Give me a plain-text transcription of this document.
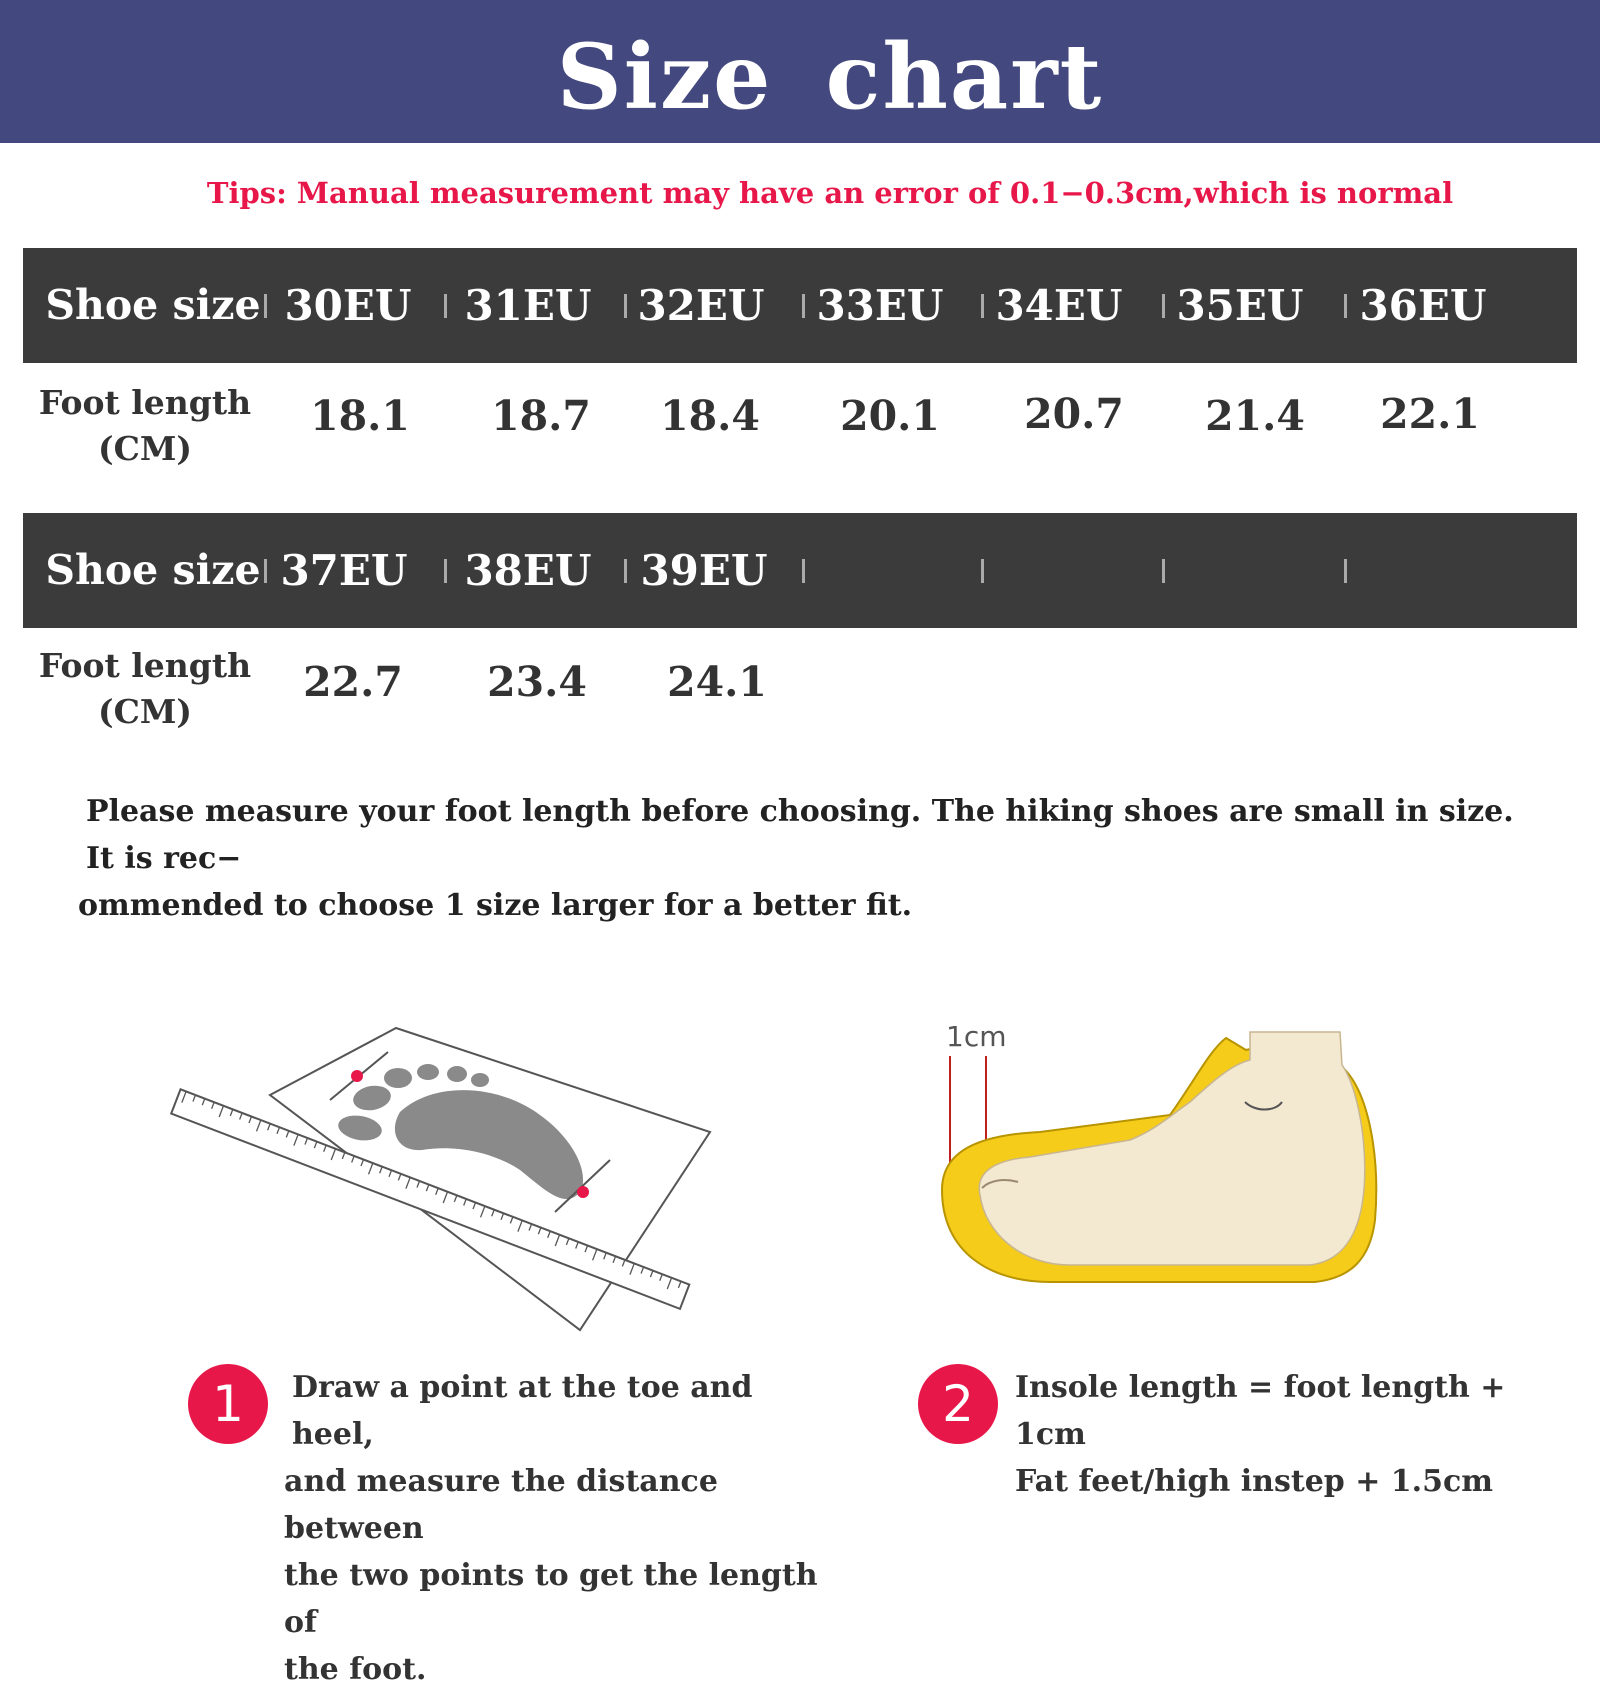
Size chart
Tips: Manual measurement may have an error of 0.1−0.3cm,which is normal
Shoe size 30EU 31EU 32EU 33EU 34EU 35EU 36EU
Foot length
(CM)
18.1	18.7	18.4	20.1	20.7	21.4	22.1
Shoe size 37EU 38EU 39EU
Foot length
(CM)
22.7	23.4	24.1
Please measure your foot length before choosing. The hiking shoes are small in size. It is rec−
ommended to choose 1 size larger for a better fit.
1cm
1	Draw a point at the toe and heel,
and measure the distance between
the two points to get the length of
the foot.
2	Insole length = foot length + 1cm
Fat feet/high instep + 1.5cm
